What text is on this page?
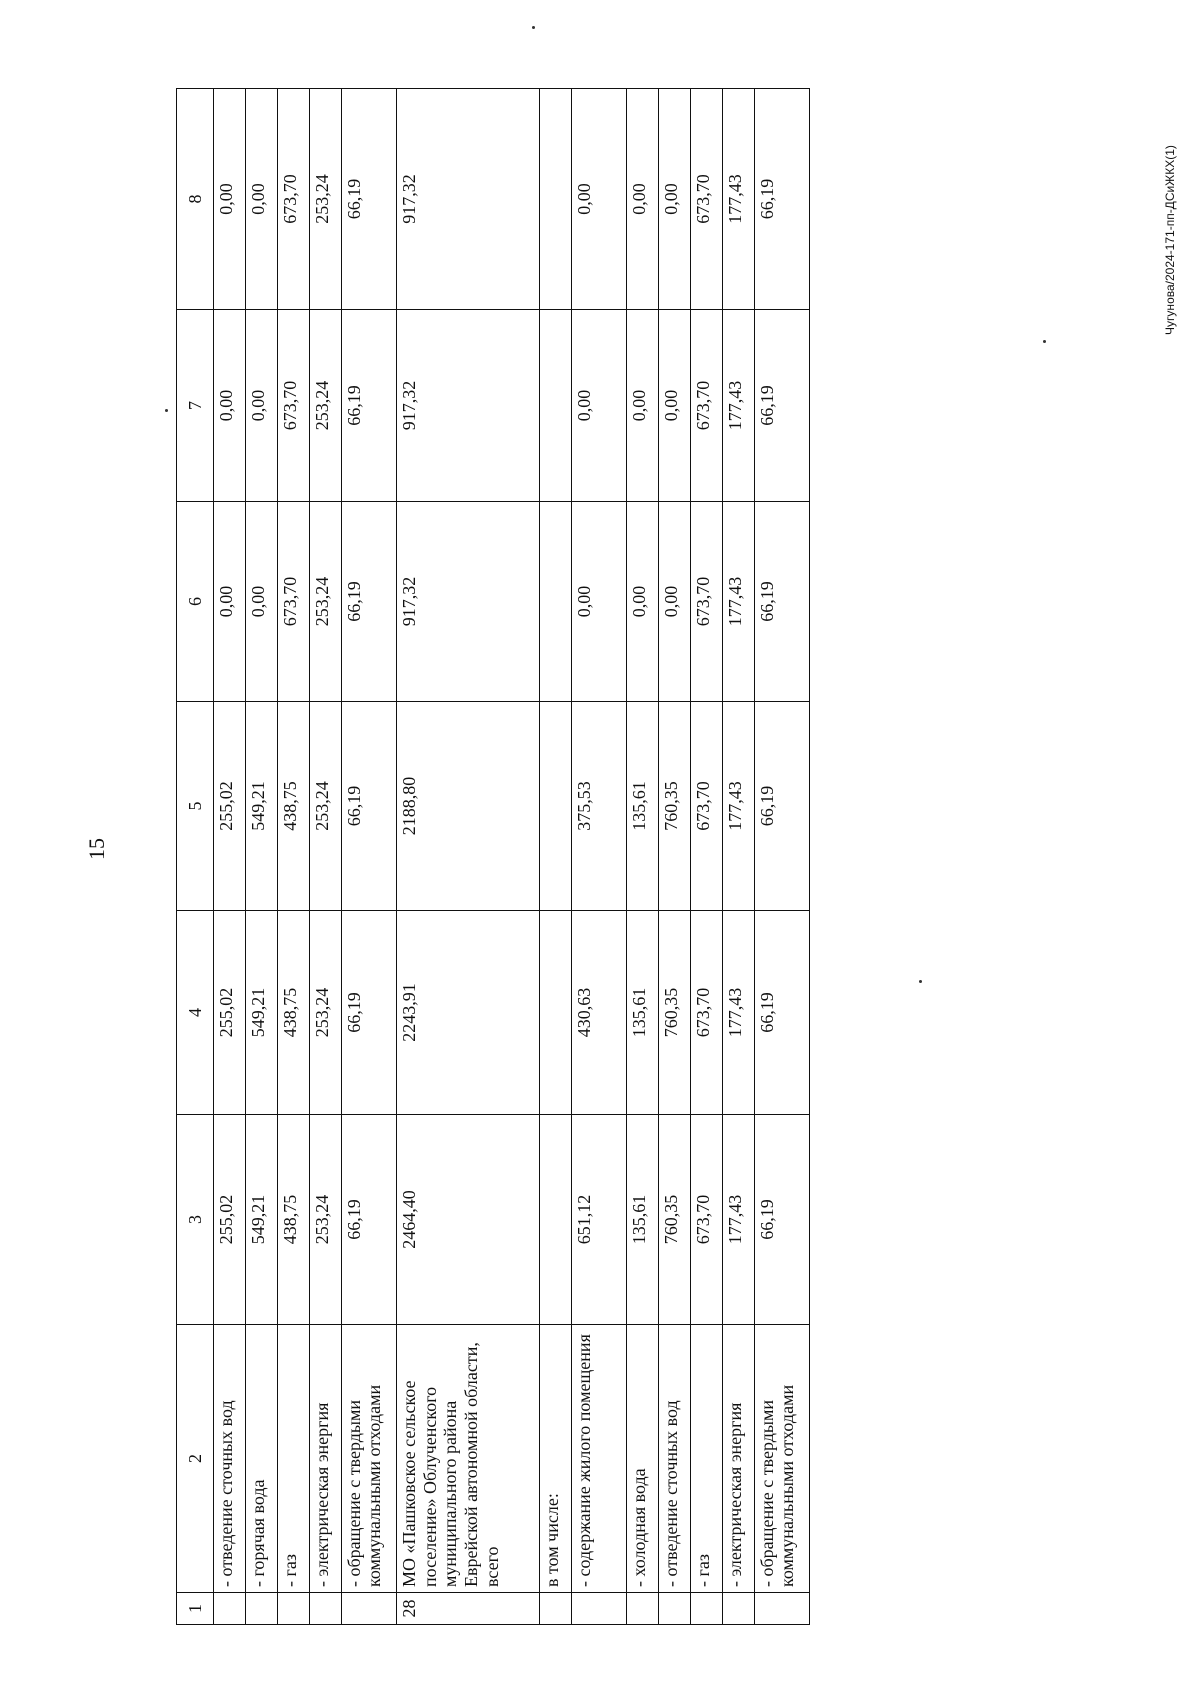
15
Чугунова/2024-171-пп-ДСиЖКХ(1)
1	2	3	4	5	6	7	8
	- отведение сточных вод	255,02	255,02	255,02	0,00	0,00	0,00
	- горячая вода	549,21	549,21	549,21	0,00	0,00	0,00
	- газ	438,75	438,75	438,75	673,70	673,70	673,70
	- электрическая энергия	253,24	253,24	253,24	253,24	253,24	253,24
	- обращение с твердыми коммунальными отходами	66,19	66,19	66,19	66,19	66,19	66,19
28	МО «Пашковское сельское поселение» Облученского муниципального района Еврейской автономной области, всего	2464,40	2243,91	2188,80	917,32	917,32	917,32
	в том числе:						
	- содержание жилого помещения	651,12	430,63	375,53	0,00	0,00	0,00
	- холодная вода	135,61	135,61	135,61	0,00	0,00	0,00
	- отведение сточных вод	760,35	760,35	760,35	0,00	0,00	0,00
	- газ	673,70	673,70	673,70	673,70	673,70	673,70
	- электрическая энергия	177,43	177,43	177,43	177,43	177,43	177,43
	- обращение с твердыми коммунальными отходами	66,19	66,19	66,19	66,19	66,19	66,19
